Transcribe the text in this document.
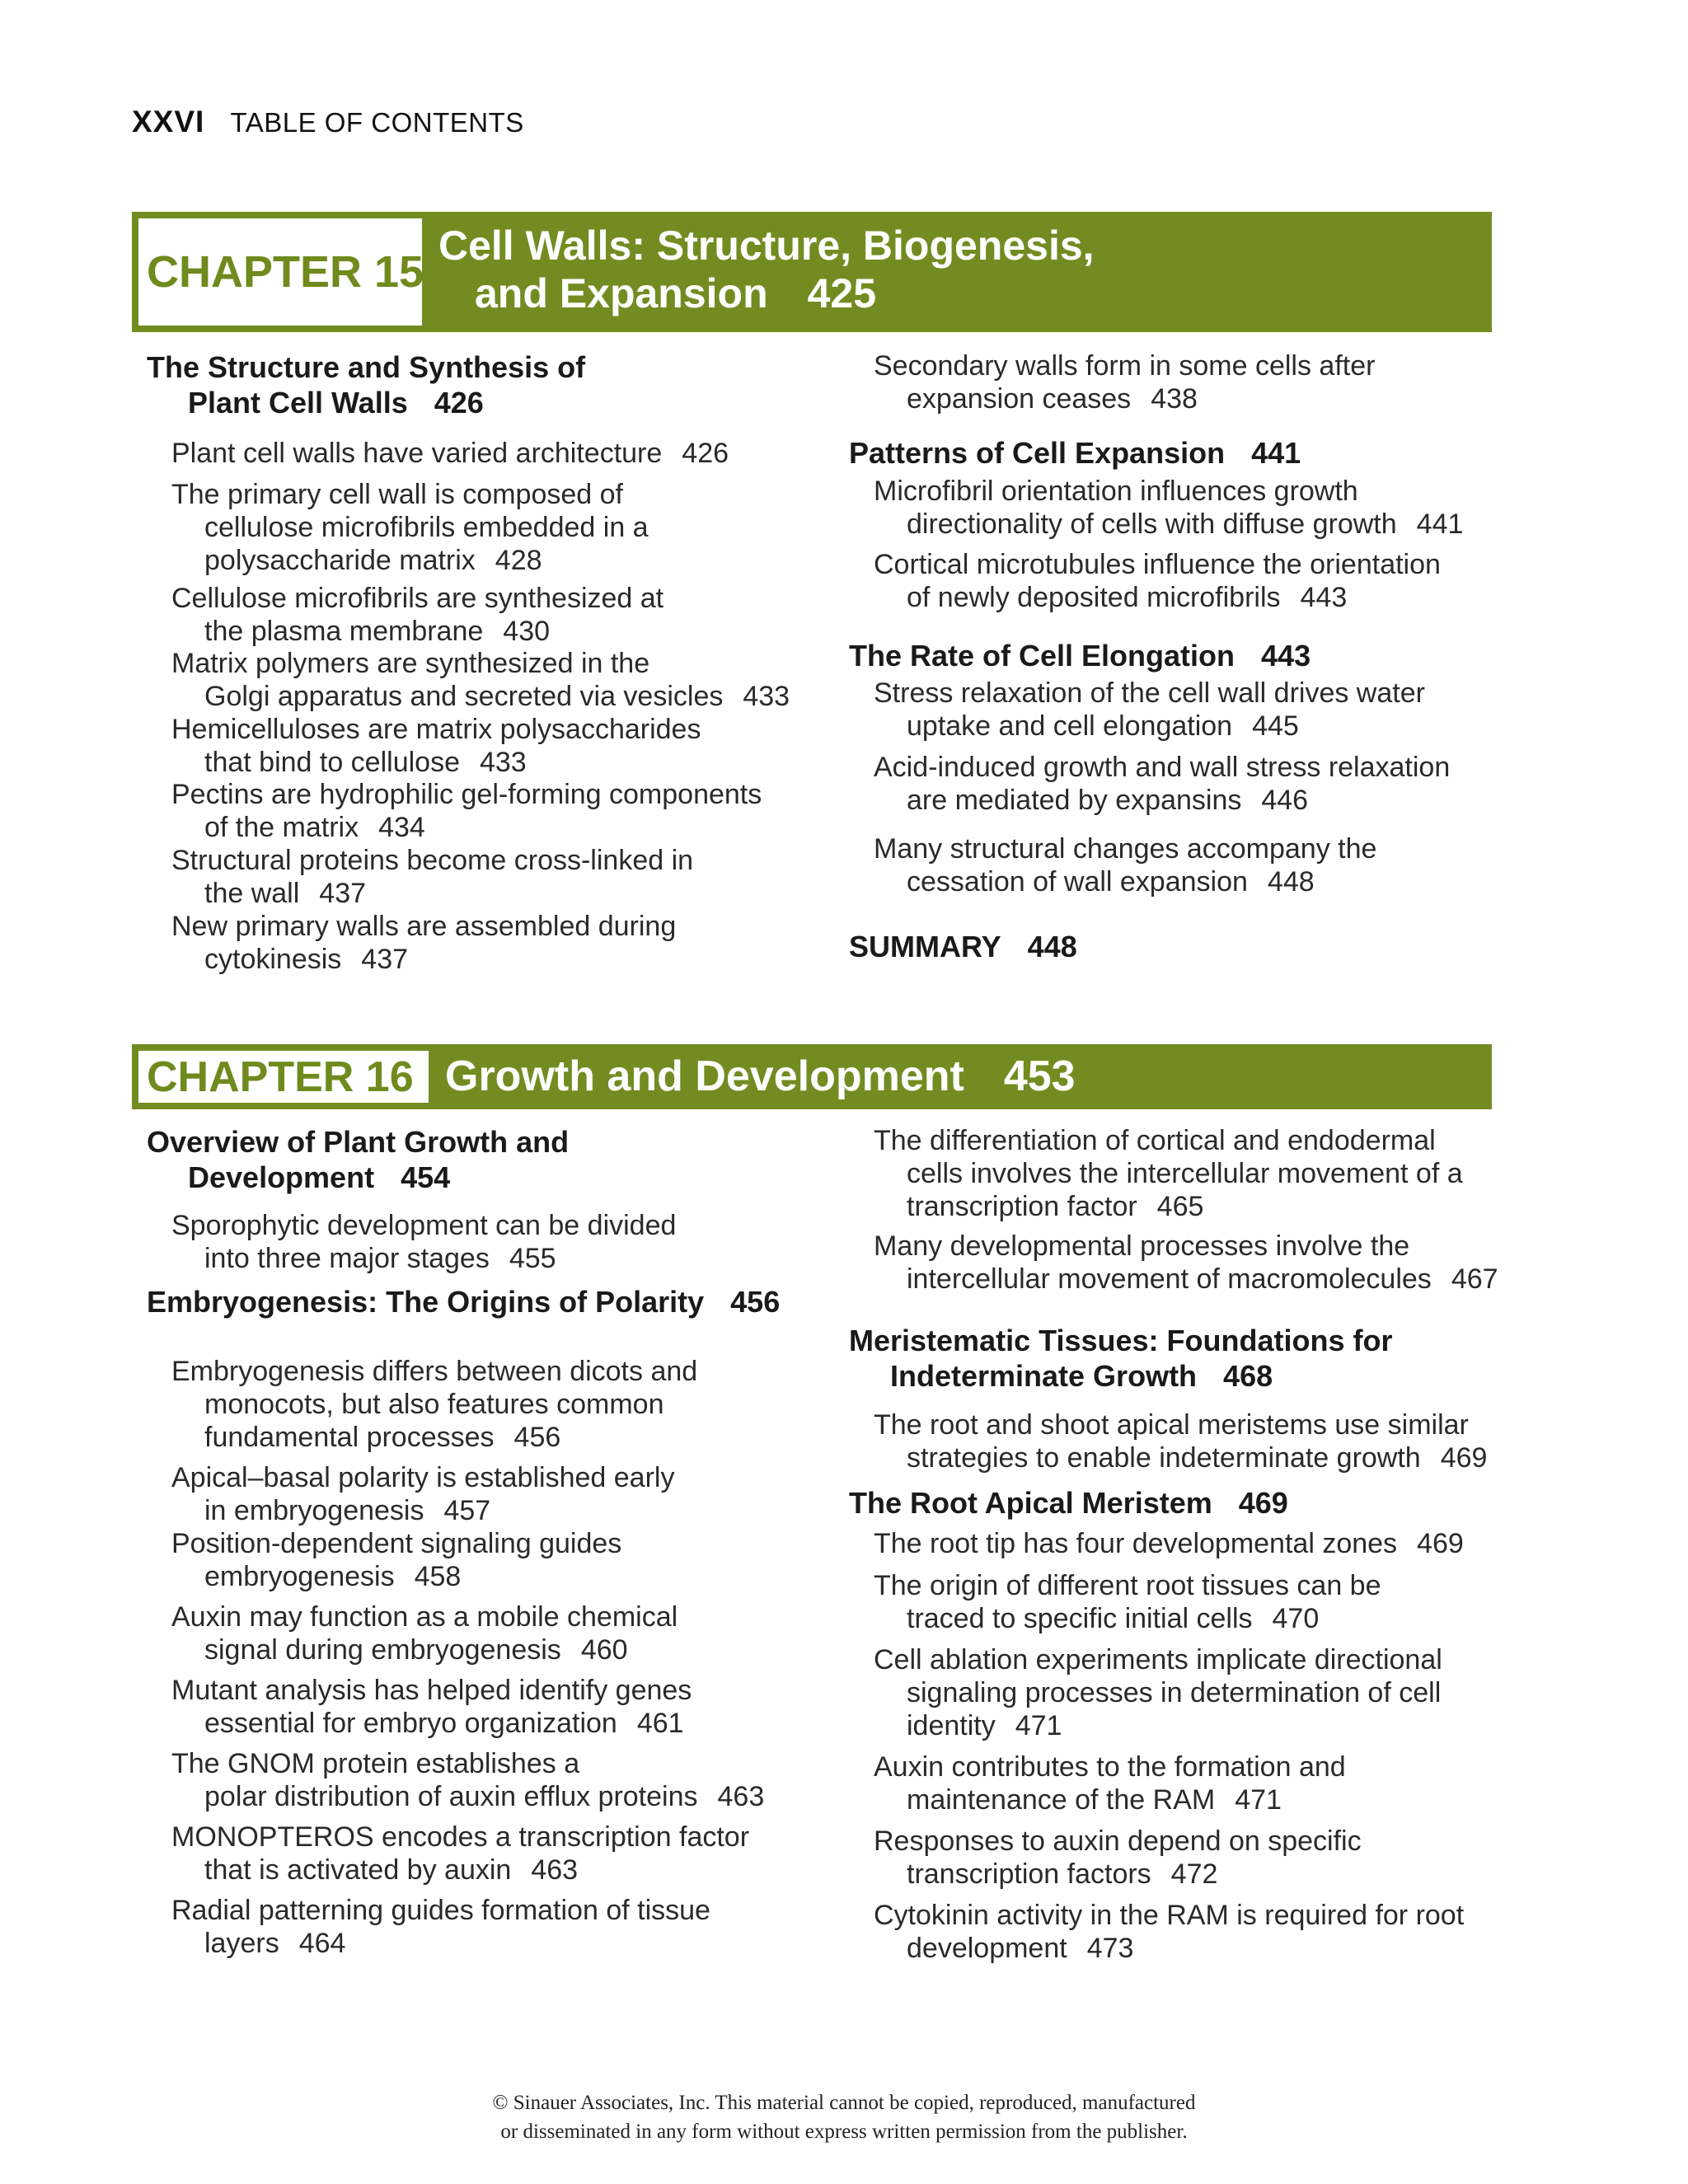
XXVI TABLE OF CONTENTS
CHAPTER 15
Cell Walls: Structure, Biogenesis,
and Expansion 425
The Structure and Synthesis of
Plant Cell Walls 426
Plant cell walls have varied architecture 426
The primary cell wall is composed of
cellulose microfibrils embedded in a
polysaccharide matrix 428
Cellulose microfibrils are synthesized at
the plasma membrane 430
Matrix polymers are synthesized in the
Golgi apparatus and secreted via vesicles 433
Hemicelluloses are matrix polysaccharides
that bind to cellulose 433
Pectins are hydrophilic gel-forming components
of the matrix 434
Structural proteins become cross-linked in
the wall 437
New primary walls are assembled during
cytokinesis 437
Secondary walls form in some cells after
expansion ceases 438
Patterns of Cell Expansion 441
Microfibril orientation influences growth
directionality of cells with diffuse growth 441
Cortical microtubules influence the orientation
of newly deposited microfibrils 443
The Rate of Cell Elongation 443
Stress relaxation of the cell wall drives water
uptake and cell elongation 445
Acid-induced growth and wall stress relaxation
are mediated by expansins 446
Many structural changes accompany the
cessation of wall expansion 448
SUMMARY 448
CHAPTER 16 Growth and Development 453
Overview of Plant Growth and
Development 454
Sporophytic development can be divided
into three major stages 455
Embryogenesis: The Origins of Polarity 456
Embryogenesis differs between dicots and
monocots, but also features common
fundamental processes 456
Apical–basal polarity is established early
in embryogenesis 457
Position-dependent signaling guides
embryogenesis 458
Auxin may function as a mobile chemical
signal during embryogenesis 460
Mutant analysis has helped identify genes
essential for embryo organization 461
The GNOM protein establishes a
polar distribution of auxin efflux proteins 463
MONOPTEROS encodes a transcription factor
that is activated by auxin 463
Radial patterning guides formation of tissue
layers 464
The differentiation of cortical and endodermal
cells involves the intercellular movement of a
transcription factor 465
Many developmental processes involve the
intercellular movement of macromolecules 467
Meristematic Tissues: Foundations for
Indeterminate Growth 468
The root and shoot apical meristems use similar
strategies to enable indeterminate growth 469
The Root Apical Meristem 469
The root tip has four developmental zones 469
The origin of different root tissues can be
traced to specific initial cells 470
Cell ablation experiments implicate directional
signaling processes in determination of cell
identity 471
Auxin contributes to the formation and
maintenance of the RAM 471
Responses to auxin depend on specific
transcription factors 472
Cytokinin activity in the RAM is required for root
development 473
© Sinauer Associates, Inc. This material cannot be copied, reproduced, manufactured
or disseminated in any form without express written permission from the publisher.
